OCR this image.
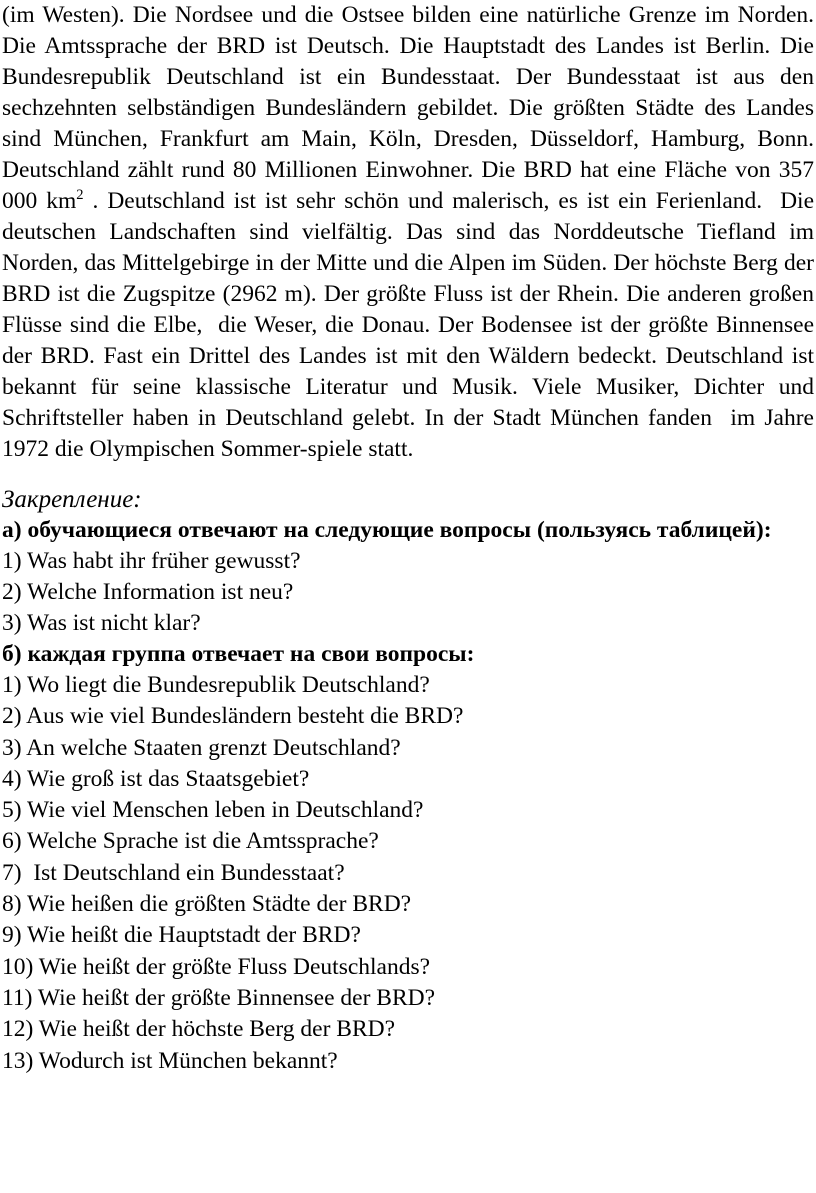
(im Westen). Die Nordsee und die Ostsee bilden eine natürliche Grenze im Norden. Die Amtssprache der BRD ist Deutsch. Die Hauptstadt des Landes ist Berlin. Die Bundesrepublik Deutschland ist ein Bundesstaat. Der Bundesstaat ist aus den sechzehnten selbständigen Bundesländern gebildet. Die größten Städte des Landes sind München, Frankfurt am Main, Köln, Dresden, Düsseldorf, Hamburg, Bonn. Deutschland zählt rund 80 Millionen Einwohner. Die BRD hat eine Fläche von 357 000 $km^2$ . Deutschland ist ist sehr schön und malerisch, es ist ein Ferienland.  Die deutschen Landschaften sind vielfältig. Das sind das Norddeutsche Tiefland im Norden, das Mittelgebirge in der Mitte und die Alpen im Süden. Der höchste Berg der BRD ist die Zugspitze (2962 m). Der größte Fluss ist der Rhein. Die anderen großen Flüsse sind die Elbe,  die Weser, die Donau. Der Bodensee ist der größte Binnensee der BRD. Fast ein Drittel des Landes ist mit den Wäldern bedeckt. Deutschland ist bekannt für seine klassische Literatur und Musik. Viele Musiker, Dichter und Schriftsteller haben in Deutschland gelebt. In der Stadt München fanden  im Jahre 1972 die Olympischen Sommer-spiele statt.

Закрепление:
а) обучающиеся отвечают на следующие вопросы (пользуясь таблицей):
1) Was habt ihr früher gewusst?
2) Welche Information ist neu?
3) Was ist nicht klar?
б) каждая группа отвечает на свои вопросы:
1) Wo liegt die Bundesrepublik Deutschland?
2) Aus wie viel Bundesländern besteht die BRD?
3) An welche Staaten grenzt Deutschland?
4) Wie groß ist das Staatsgebiet?
5) Wie viel Menschen leben in Deutschland?
6) Welche Sprache ist die Amtssprache?
7)  Ist Deutschland ein Bundesstaat?
8) Wie heißen die größten Städte der BRD?
9) Wie heißt die Hauptstadt der BRD?
10) Wie heißt der größte Fluss Deutschlands?
11) Wie heißt der größte Binnensee der BRD?
12) Wie heißt der höchste Berg der BRD?
13) Wodurch ist München bekannt?
